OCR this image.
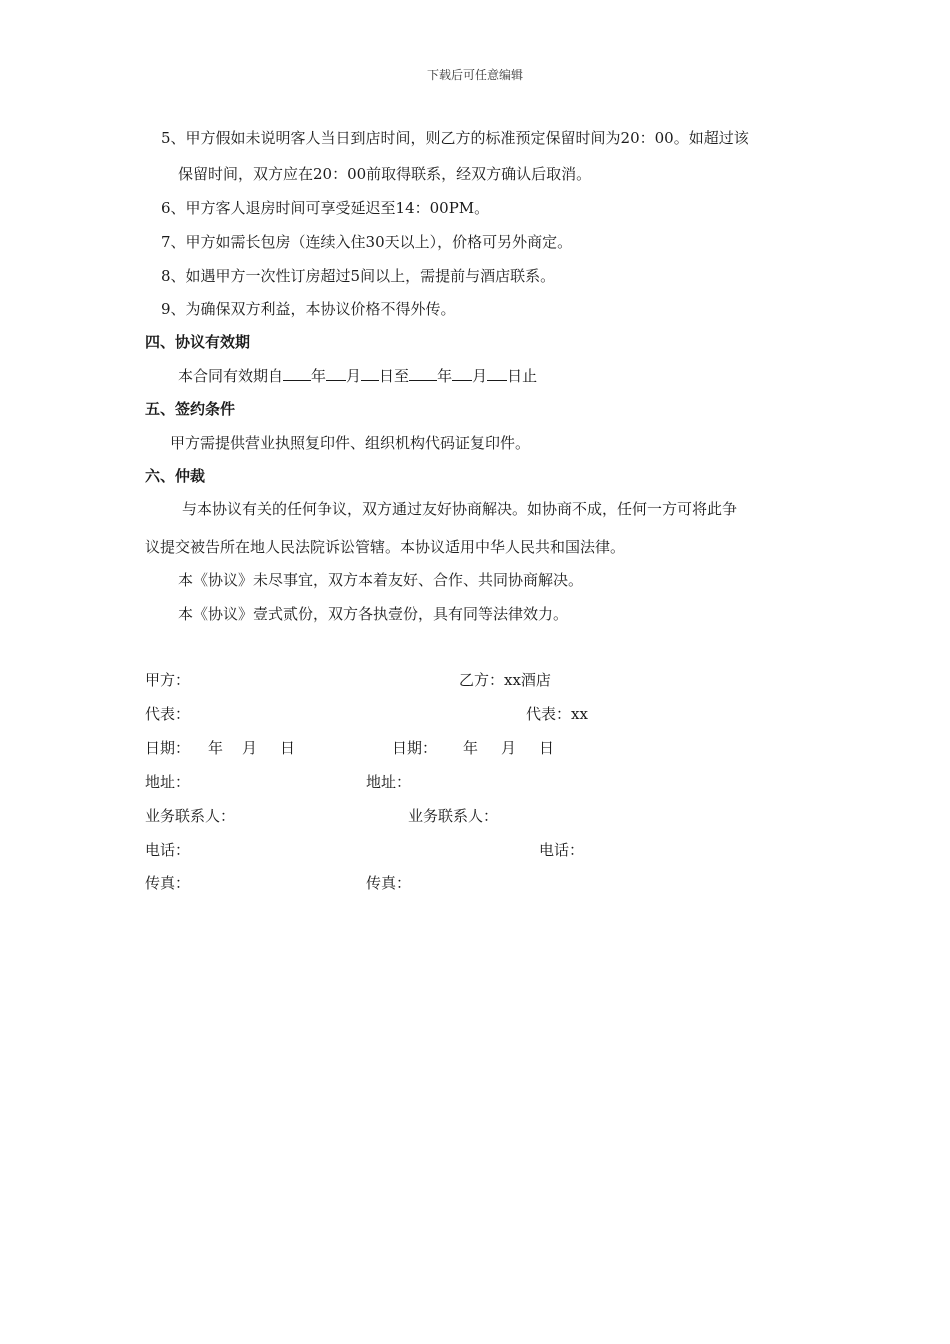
下载后可任意编辑
5、甲方假如未说明客人当日到店时间，则乙方的标准预定保留时间为20：00。如超过该
保留时间，双方应在20：00前取得联系，经双方确认后取消。
6、甲方客人退房时间可享受延迟至14：00PM。
7、甲方如需长包房（连续入住30天以上），价格可另外商定。
8、如遇甲方一次性订房超过5间以上，需提前与酒店联系。
9、为确保双方利益，本协议价格不得外传。
四、协议有效期
本合同有效期自 年 月 日至 年 月 日止
五、签约条件
甲方需提供营业执照复印件、组织机构代码证复印件。
六、仲裁
与本协议有关的任何争议，双方通过友好协商解决。如协商不成，任何一方可将此争
议提交被告所在地人民法院诉讼管辖。本协议适用中华人民共和国法律。
本《协议》未尽事宜，双方本着友好、合作、共同协商解决。
本《协议》壹式贰份，双方各执壹份，具有同等法律效力。
甲方：	乙方：xx酒店
代表：	代表：xx
日期： 年 月 日	日期： 年 月 日
地址：	地址：
业务联系人：	业务联系人：
电话：	电话：
传真：	传真：
